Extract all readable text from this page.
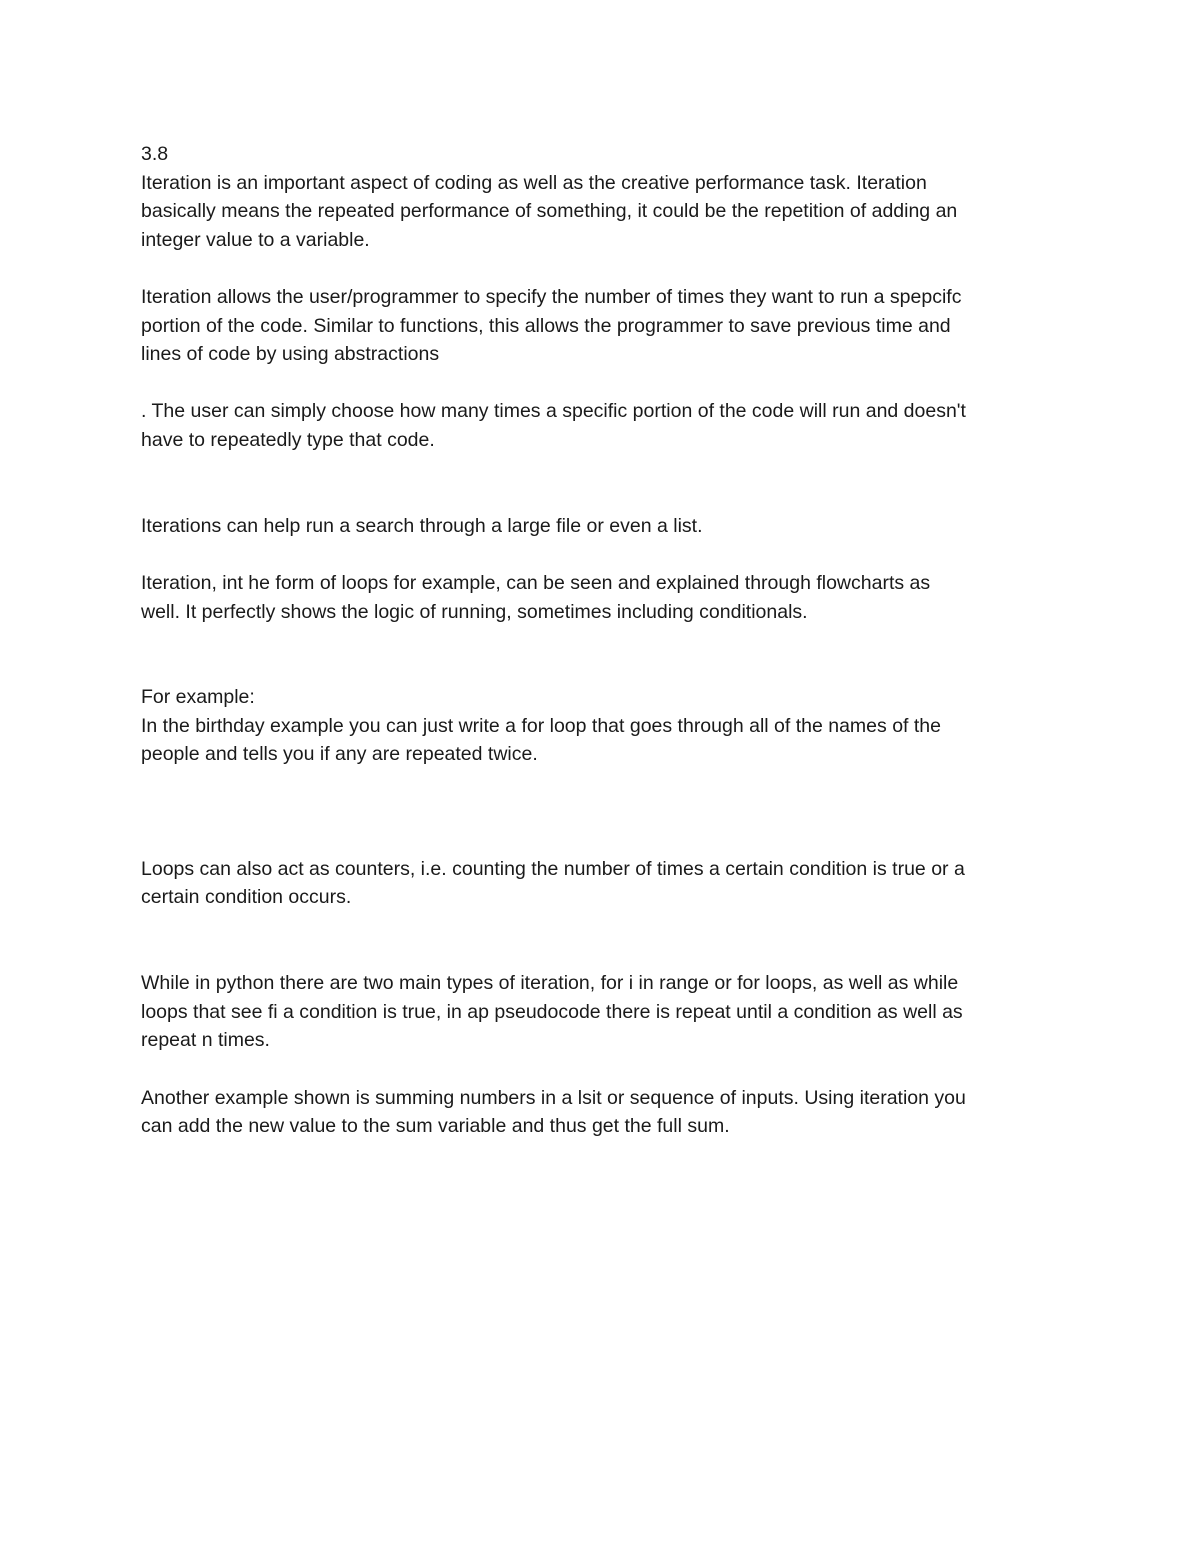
3.8
Iteration is an important aspect of coding as well as the creative performance task. Iteration
basically means the repeated performance of something, it could be the repetition of adding an
integer value to a variable.
Iteration allows the user/programmer to specify the number of times they want to run a spepcifc
portion of the code. Similar to functions, this allows the programmer to save previous time and
lines of code by using abstractions
. The user can simply choose how many times a specific portion of the code will run and doesn't
have to repeatedly type that code.
Iterations can help run a search through a large file or even a list.
Iteration, int he form of loops for example, can be seen and explained through flowcharts as
well. It perfectly shows the logic of running, sometimes including conditionals.
For example:
In the birthday example you can just write a for loop that goes through all of the names of the
people and tells you if any are repeated twice.
Loops can also act as counters, i.e. counting the number of times a certain condition is true or a
certain condition occurs.
While in python there are two main types of iteration, for i in range or for loops, as well as while
loops that see fi a condition is true, in ap pseudocode there is repeat until a condition as well as
repeat n times.
Another example shown is summing numbers in a lsit or sequence of inputs. Using iteration you
can add the new value to the sum variable and thus get the full sum.
